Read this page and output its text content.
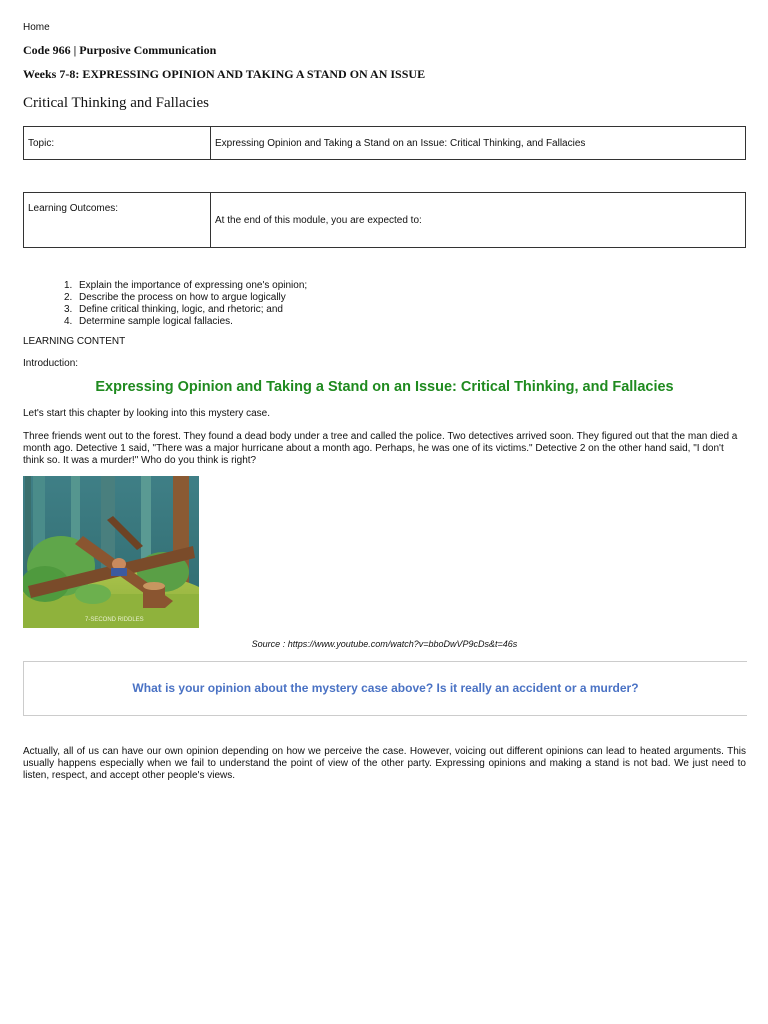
Home
Code 966 | Purposive Communication
Weeks 7-8: EXPRESSING OPINION AND TAKING A STAND ON AN ISSUE
Critical Thinking and Fallacies
Topic:	Expressing Opinion and Taking a Stand on an Issue: Critical Thinking, and Fallacies
Learning Outcomes:	At the end of this module, you are expected to:
1. Explain the importance of expressing one's opinion;
2. Describe the process on how to argue logically
3. Define critical thinking, logic, and rhetoric; and
4. Determine sample logical fallacies.
LEARNING CONTENT
Introduction:
Expressing Opinion and Taking a Stand on an Issue: Critical Thinking, and Fallacies
Let's start this chapter by looking into this mystery case.
Three friends went out to the forest. They found a dead body under a tree and called the police. Two detectives arrived soon. They figured out that the man died a month ago. Detective 1 said, "There was a major hurricane about a month ago. Perhaps, he was one of its victims." Detective 2 on the other hand said, "I don't think so. It was a murder!" Who do you think is right?
7-SECOND RIDDLES
Source : https://www.youtube.com/watch?v=bboDwVP9cDs&t=46s
What is your opinion about the mystery case above? Is it really an accident or a murder?
Actually, all of us can have our own opinion depending on how we perceive the case. However, voicing out different opinions can lead to heated arguments. This usually happens especially when we fail to understand the point of view of the other party. Expressing opinions and making a stand is not bad. We just need to listen, respect, and accept other people's views.
